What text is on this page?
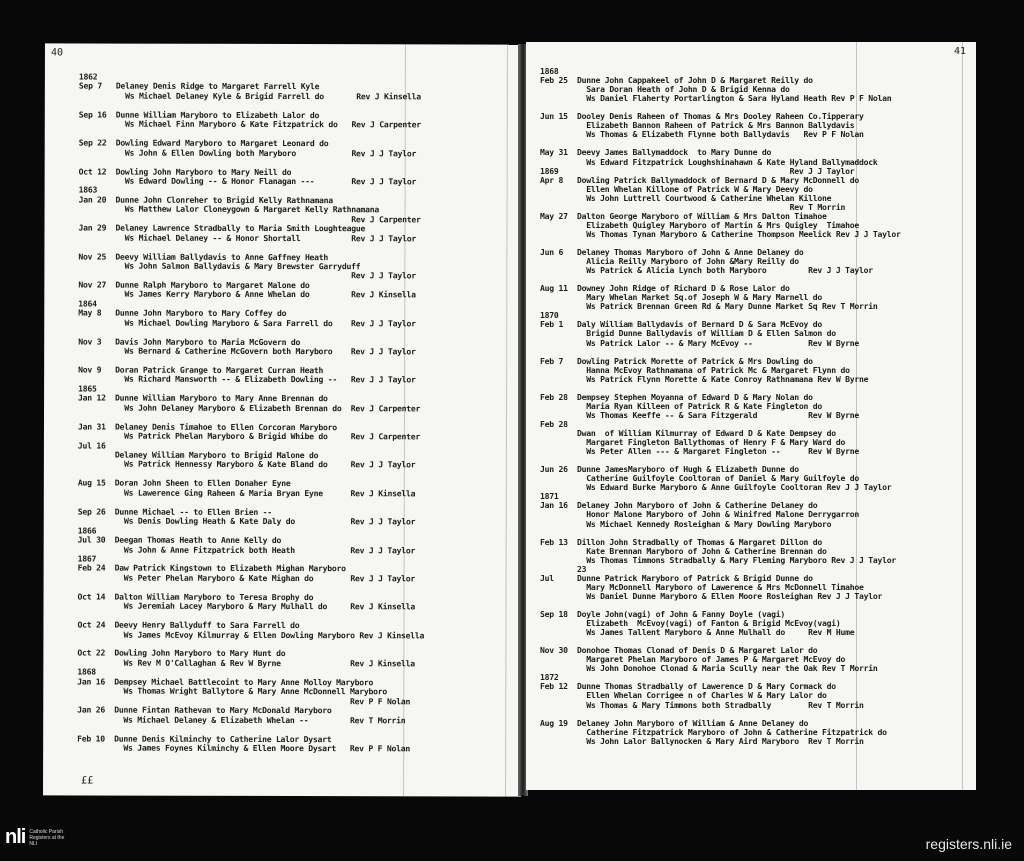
40
££
1862
Sep 7   Delaney Denis Ridge to Margaret Farrell Kyle
Ws Michael Delaney Kyle & Brigid Farrell do       Rev J Kinsella
Sep 16  Dunne William Maryboro to Elizabeth Lalor do
Ws Michael Finn Maryboro & Kate Fitzpatrick do   Rev J Carpenter
Sep 22  Dowling Edward Maryboro to Margaret Leonard do
Ws John & Ellen Dowling both Maryboro            Rev J J Taylor
Oct 12  Dowling John Maryboro to Mary Neill do
Ws Edward Dowling -- & Honor Flanagan ---        Rev J J Taylor
1863
Jan 20  Dunne John Clonreher to Brigid Kelly Rathnamana
Ws Matthew Lalor Cloneygown & Margaret Kelly Rathnamana
Rev J Carpenter
Jan 29  Delaney Lawrence Stradbally to Maria Smith Loughteague
Ws Michael Delaney -- & Honor Shortall           Rev J J Taylor
Nov 25  Deevy William Ballydavis to Anne Gaffney Heath
Ws John Salmon Ballydavis & Mary Brewster Garryduff
Rev J J Taylor
Nov 27  Dunne Ralph Maryboro to Margaret Malone do
Ws James Kerry Maryboro & Anne Whelan do         Rev J Kinsella
1864
May 8   Dunne John Maryboro to Mary Coffey do
Ws Michael Dowling Maryboro & Sara Farrell do    Rev J J Taylor
Nov 3   Davis John Maryboro to Maria McGovern do
Ws Bernard & Catherine McGovern both Maryboro    Rev J J Taylor
Nov 9   Doran Patrick Grange to Margaret Curran Heath
Ws Richard Mansworth -- & Elizabeth Dowling --   Rev J J Taylor
1865
Jan 12  Dunne William Maryboro to Mary Anne Brennan do
Ws John Delaney Maryboro & Elizabeth Brennan do  Rev J Carpenter
Jan 31  Delaney Denis Timahoe to Ellen Corcoran Maryboro
Ws Patrick Phelan Maryboro & Brigid Whibe do     Rev J Carpenter
Jul 16
Delaney William Maryboro to Brigid Malone do
Ws Patrick Hennessy Maryboro & Kate Bland do     Rev J J Taylor
Aug 15  Doran John Sheen to Ellen Donaher Eyne
Ws Lawerence Ging Raheen & Maria Bryan Eyne      Rev J Kinsella
Sep 26  Dunne Michael -- to Ellen Brien --
Ws Denis Dowling Heath & Kate Daly do            Rev J J Taylor
1866
Jul 30  Deegan Thomas Heath to Anne Kelly do
Ws John & Anne Fitzpatrick both Heath            Rev J J Taylor
1867
Feb 24  Daw Patrick Kingstown to Elizabeth Mighan Maryboro
Ws Peter Phelan Maryboro & Kate Mighan do        Rev J J Taylor
Oct 14  Dalton William Maryboro to Teresa Brophy do
Ws Jeremiah Lacey Maryboro & Mary Mulhall do     Rev J Kinsella
Oct 24  Deevy Henry Ballyduff to Sara Farrell do
Ws James McEvoy Kilmurray & Ellen Dowling Maryboro Rev J Kinsella
Oct 22  Dowling John Maryboro to Mary Hunt do
Ws Rev M O'Callaghan & Rev W Byrne               Rev J Kinsella
1868
Jan 16  Dempsey Michael Battlecoint to Mary Anne Molloy Maryboro
Ws Thomas Wright Ballytore & Mary Anne McDonnell Maryboro
Rev P F Nolan
Jan 26  Dunne Fintan Rathevan to Mary McDonald Maryboro
Ws Michael Delaney & Elizabeth Whelan --         Rev T Morrin
Feb 10  Dunne Denis Kilminchy to Catherine Lalor Dysart
Ws James Foynes Kilminchy & Ellen Moore Dysart   Rev P F Nolan
41
1868
Feb 25  Dunne John Cappakeel of John D & Margaret Reilly do
Sara Doran Heath of John D & Brigid Kenna do
Ws Daniel Flaherty Portarlington & Sara Hyland Heath Rev P F Nolan
Jun 15  Dooley Denis Raheen of Thomas & Mrs Dooley Raheen Co.Tipperary
Elizabeth Bannon Raheen of Patrick & Mrs Bannon Ballydavis
Ws Thomas & Elizabeth Flynne both Ballydavis   Rev P F Nolan
May 31  Deevy James Ballymaddock  to Mary Dunne do
Ws Edward Fitzpatrick Loughshinahawn & Kate Hyland Ballymaddock
1869                                                  Rev J J Taylor
Apr 8   Dowling Patrick Ballymaddock of Bernard D & Mary McDonnell do
Ellen Whelan Killone of Patrick W & Mary Deevy do
Ws John Luttrell Courtwood & Catherine Whelan Killone
Rev T Morrin
May 27  Dalton George Maryboro of William & Mrs Dalton Timahoe
Elizabeth Quigley Maryboro of Martin & Mrs Quigley  Timahoe
Ws Thomas Tynan Maryboro & Catherine Thompson Meelick Rev J J Taylor
Jun 6   Delaney Thomas Maryboro of John & Anne Delaney do
Alicia Reilly Maryboro of John &Mary Reilly do
Ws Patrick & Alicia Lynch both Maryboro         Rev J J Taylor
Aug 11  Downey John Ridge of Richard D & Rose Lalor do
Mary Whelan Market Sq.of Joseph W & Mary Marnell do
Ws Patrick Brennan Green Rd & Mary Dunne Market Sq Rev T Morrin
1870
Feb 1   Daly William Ballydavis of Bernard D & Sara McEvoy do
Brigid Dunne Ballydavis of William D & Ellen Salmon do
Ws Patrick Lalor -- & Mary McEvoy --            Rev W Byrne
Feb 7   Dowling Patrick Morette of Patrick & Mrs Dowling do
Hanna McEvoy Rathnamana of Patrick Mc & Margaret Flynn do
Ws Patrick Flynn Morette & Kate Conroy Rathnamana Rev W Byrne
Feb 28  Dempsey Stephen Moyanna of Edward D & Mary Nolan do
Maria Ryan Killeen of Patrick R & Kate Fingleton do
Ws Thomas Keeffe -- & Sara Fitzgerald           Rev W Byrne
Feb 28
Dwan  of William Kilmurray of Edward D & Kate Dempsey do
Margaret Fingleton Ballythomas of Henry F & Mary Ward do
Ws Peter Allen --- & Margaret Fingleton --      Rev W Byrne
Jun 26  Dunne JamesMaryboro of Hugh & Elizabeth Dunne do
Catherine Guilfoyle Cooltoran of Daniel & Mary Guilfoyle do
Ws Edward Burke Maryboro & Anne Guilfoyle Cooltoran Rev J J Taylor
1871
Jan 16  Delaney John Maryboro of John & Catherine Delaney do
Honor Malone Maryboro of John & Winifred Malone Derrygarron
Ws Michael Kennedy Rosleighan & Mary Dowling Maryboro
Feb 13  Dillon John Stradbally of Thomas & Margaret Dillon do
Kate Brennan Maryboro of John & Catherine Brennan do
Ws Thomas Timmons Stradbally & Mary Fleming Maryboro Rev J J Taylor
23
Jul     Dunne Patrick Maryboro of Patrick & Brigid Dunne do
Mary McDonnell Maryboro of Lawerence & Mrs McDonnell Timahoe
Ws Daniel Dunne Maryboro & Ellen Moore Rosleighan Rev J J Taylor
Sep 18  Doyle John(vagi) of John & Fanny Doyle (vagi)
Elizabeth  McEvoy(vagi) of Fanton & Brigid McEvoy(vagi)
Ws James Tallent Maryboro & Anne Mulhall do     Rev M Hume
Nov 30  Donohoe Thomas Clonad of Denis D & Margaret Lalor do
Margaret Phelan Maryboro of James P & Margaret McEvoy do
Ws John Donohoe Clonad & Maria Scully near the Oak Rev T Morrin
1872
Feb 12  Dunne Thomas Stradbally of Lawerence D & Mary Cormack do
Ellen Whelan Corrigee n of Charles W & Mary Lalor do
Ws Thomas & Mary Timmons both Stradbally        Rev T Morrin
Aug 19  Delaney John Maryboro of William & Anne Delaney do
Catherine Fitzpatrick Maryboro of John & Catherine Fitzpatrick do
Ws John Lalor Ballynocken & Mary Aird Maryboro  Rev T Morrin
nli Catholic Parish Registers at the NLI	registers.nli.ie
